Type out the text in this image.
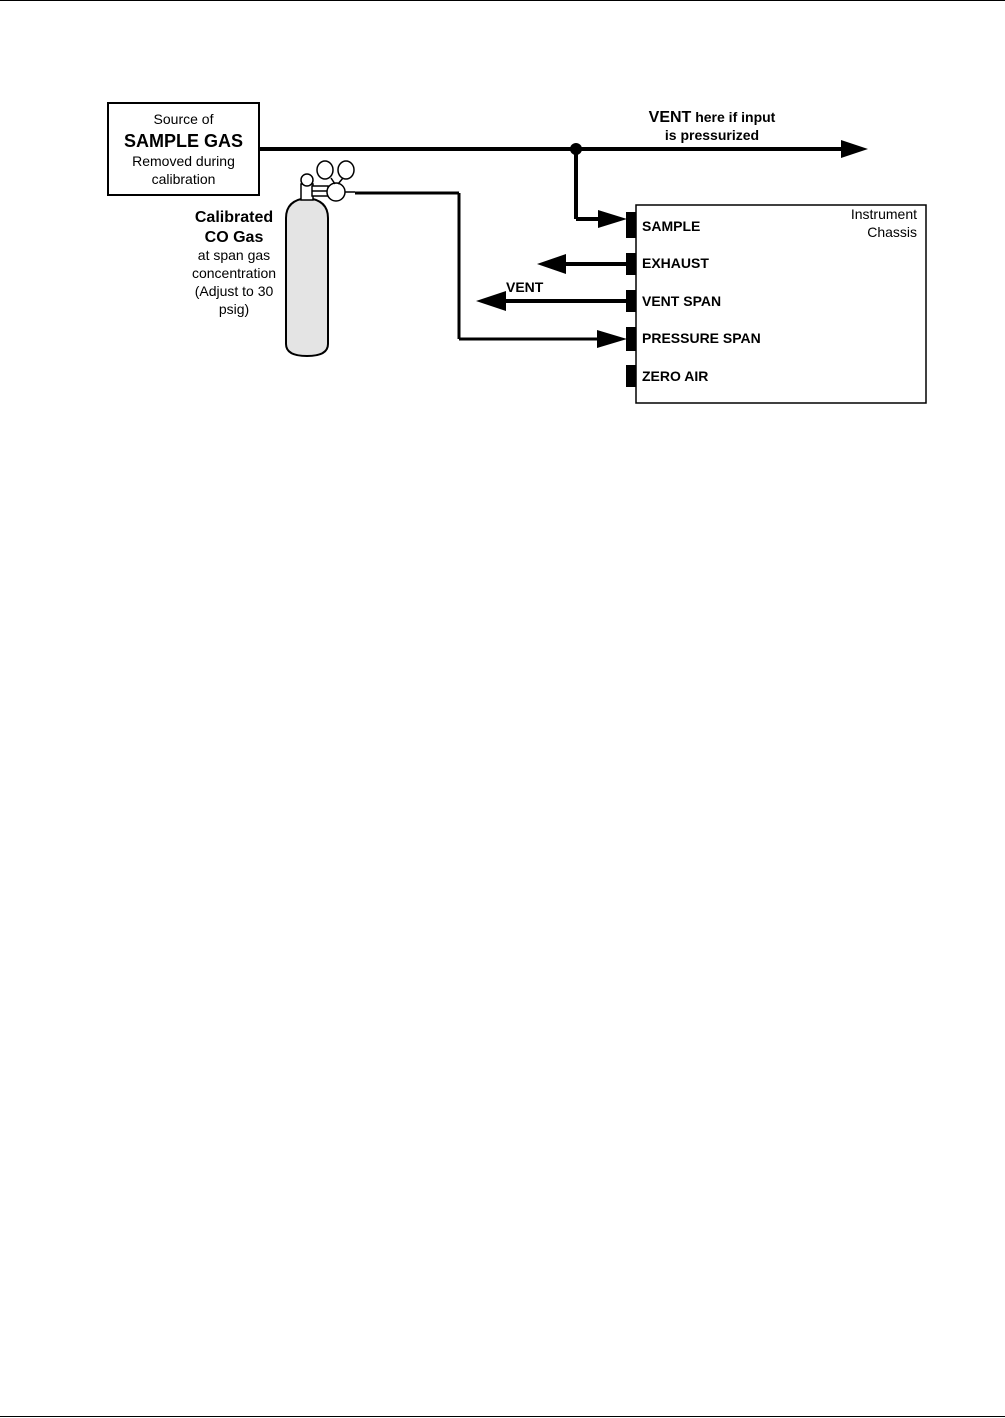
Source of
SAMPLE GAS
Removed during
calibration
VENT here if input
is pressurized
Calibrated
CO Gas
at span gas
concentration
(Adjust to 30
psig)
VENT
Instrument
Chassis
SAMPLE
EXHAUST
VENT SPAN
PRESSURE SPAN
ZERO AIR
